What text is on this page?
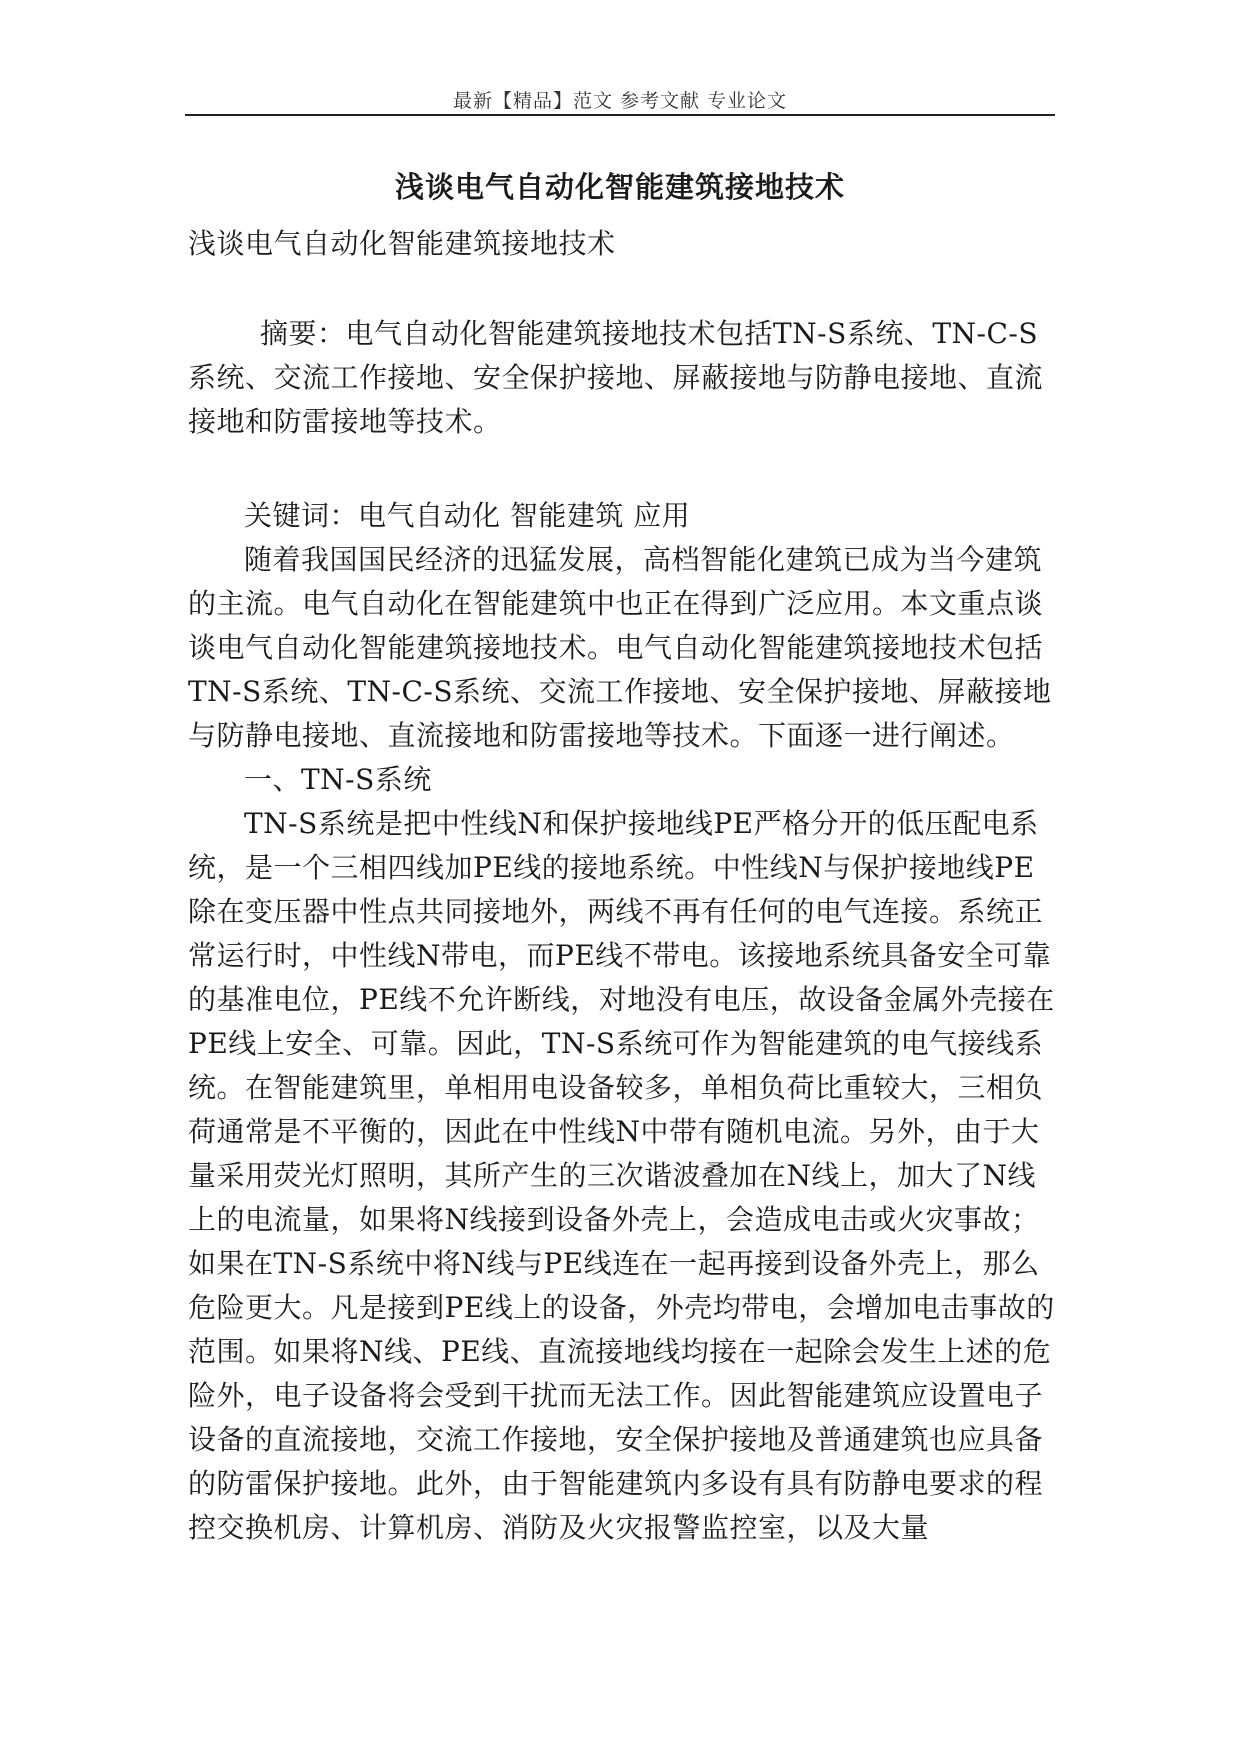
最新【精品】范文 参考文献 专业论文
浅谈电气自动化智能建筑接地技术
浅谈电气自动化智能建筑接地技术
摘要：电气自动化智能建筑接地技术包括TN-S系统、TN-C-S系统、交流工作接地、安全保护接地、屏蔽接地与防静电接地、直流接地和防雷接地等技术。
关键词：电气自动化 智能建筑 应用

随着我国国民经济的迅猛发展，高档智能化建筑已成为当今建筑的主流。电气自动化在智能建筑中也正在得到广泛应用。本文重点谈谈电气自动化智能建筑接地技术。电气自动化智能建筑接地技术包括TN-S系统、TN-C-S系统、交流工作接地、安全保护接地、屏蔽接地与防静电接地、直流接地和防雷接地等技术。下面逐一进行阐述。

一、TN-S系统

TN-S系统是把中性线N和保护接地线PE严格分开的低压配电系统，是一个三相四线加PE线的接地系统。中性线N与保护接地线PE除在变压器中性点共同接地外，两线不再有任何的电气连接。系统正常运行时，中性线N带电，而PE线不带电。该接地系统具备安全可靠的基准电位，PE线不允许断线，对地没有电压，故设备金属外壳接在PE线上安全、可靠。因此，TN-S系统可作为智能建筑的电气接线系统。在智能建筑里，单相用电设备较多，单相负荷比重较大，三相负荷通常是不平衡的，因此在中性线N中带有随机电流。另外，由于大量采用荧光灯照明，其所产生的三次谐波叠加在N线上，加大了N线上的电流量，如果将N线接到设备外壳上，会造成电击或火灾事故；如果在TN-S系统中将N线与PE线连在一起再接到设备外壳上，那么危险更大。凡是接到PE线上的设备，外壳均带电，会增加电击事故的范围。如果将N线、PE线、直流接地线均接在一起除会发生上述的危险外，电子设备将会受到干扰而无法工作。因此智能建筑应设置电子设备的直流接地，交流工作接地，安全保护接地及普通建筑也应具备的防雷保护接地。此外，由于智能建筑内多设有具有防静电要求的程控交换机房、计算机房、消防及火灾报警监控室，以及大量
